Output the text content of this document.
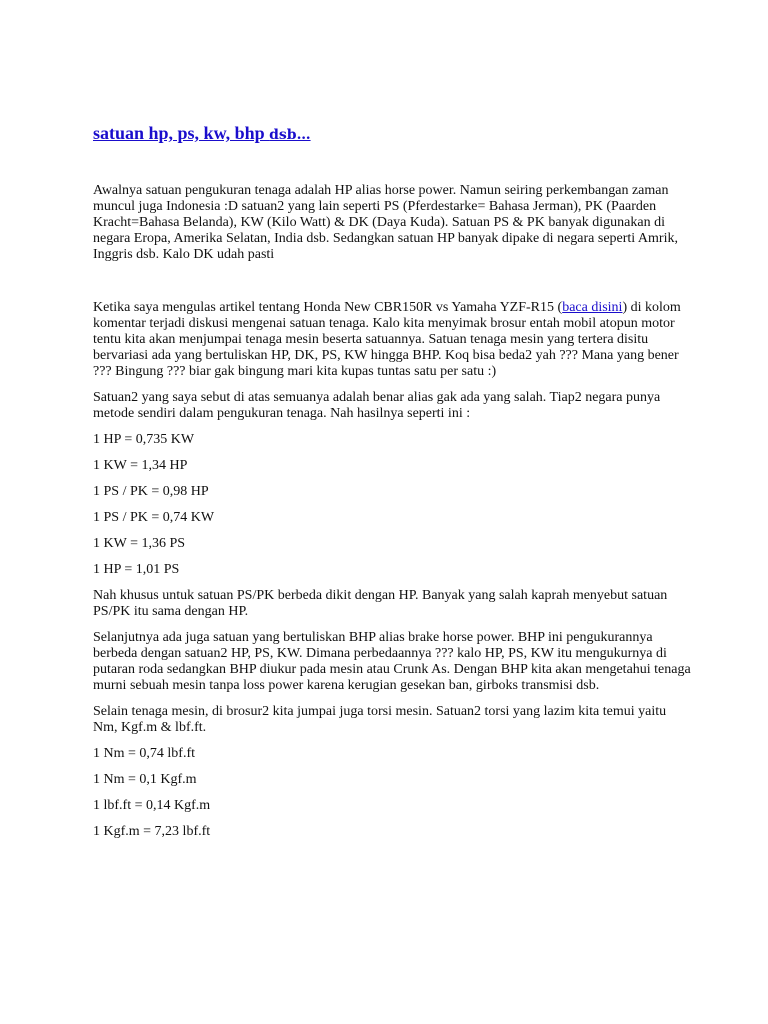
satuan hp, ps, kw, bhp dsb…

Awalnya satuan pengukuran tenaga adalah HP alias horse power. Namun seiring perkembangan zaman muncul juga Indonesia :D satuan2 yang lain seperti PS (Pferdestarke= Bahasa Jerman), PK (Paarden Kracht=Bahasa Belanda), KW (Kilo Watt) & DK (Daya Kuda). Satuan PS & PK banyak digunakan di negara Eropa, Amerika Selatan, India dsb. Sedangkan satuan HP banyak dipake di negara seperti Amrik, Inggris dsb. Kalo DK udah pasti

Ketika saya mengulas artikel tentang Honda New CBR150R vs Yamaha YZF-R15 (baca disini) di kolom komentar terjadi diskusi mengenai satuan tenaga. Kalo kita menyimak brosur entah mobil atopun motor tentu kita akan menjumpai tenaga mesin beserta satuannya. Satuan tenaga mesin yang tertera disitu bervariasi ada yang bertuliskan HP, DK, PS, KW hingga BHP. Koq bisa beda2 yah ??? Mana yang bener ??? Bingung ??? biar gak bingung mari kita kupas tuntas satu per satu :)

Satuan2 yang saya sebut di atas semuanya adalah benar alias gak ada yang salah. Tiap2 negara punya metode sendiri dalam pengukuran tenaga. Nah hasilnya seperti ini :

1 HP = 0,735 KW

1 KW = 1,34 HP

1 PS / PK = 0,98 HP

1 PS / PK = 0,74 KW

1 KW = 1,36 PS

1 HP = 1,01 PS

Nah khusus untuk satuan PS/PK berbeda dikit dengan HP. Banyak yang salah kaprah menyebut satuan PS/PK itu sama dengan HP.

Selanjutnya ada juga satuan yang bertuliskan BHP alias brake horse power. BHP ini pengukurannya berbeda dengan satuan2 HP, PS, KW. Dimana perbedaannya ??? kalo HP, PS, KW itu mengukurnya di putaran roda sedangkan BHP diukur pada mesin atau Crunk As. Dengan BHP kita akan mengetahui tenaga murni sebuah mesin tanpa loss power karena kerugian gesekan ban, girboks transmisi dsb.

Selain tenaga mesin, di brosur2 kita jumpai juga torsi mesin. Satuan2 torsi yang lazim kita temui yaitu Nm, Kgf.m & lbf.ft.

1 Nm = 0,74 lbf.ft

1 Nm = 0,1 Kgf.m

1 lbf.ft = 0,14 Kgf.m

1 Kgf.m = 7,23 lbf.ft
